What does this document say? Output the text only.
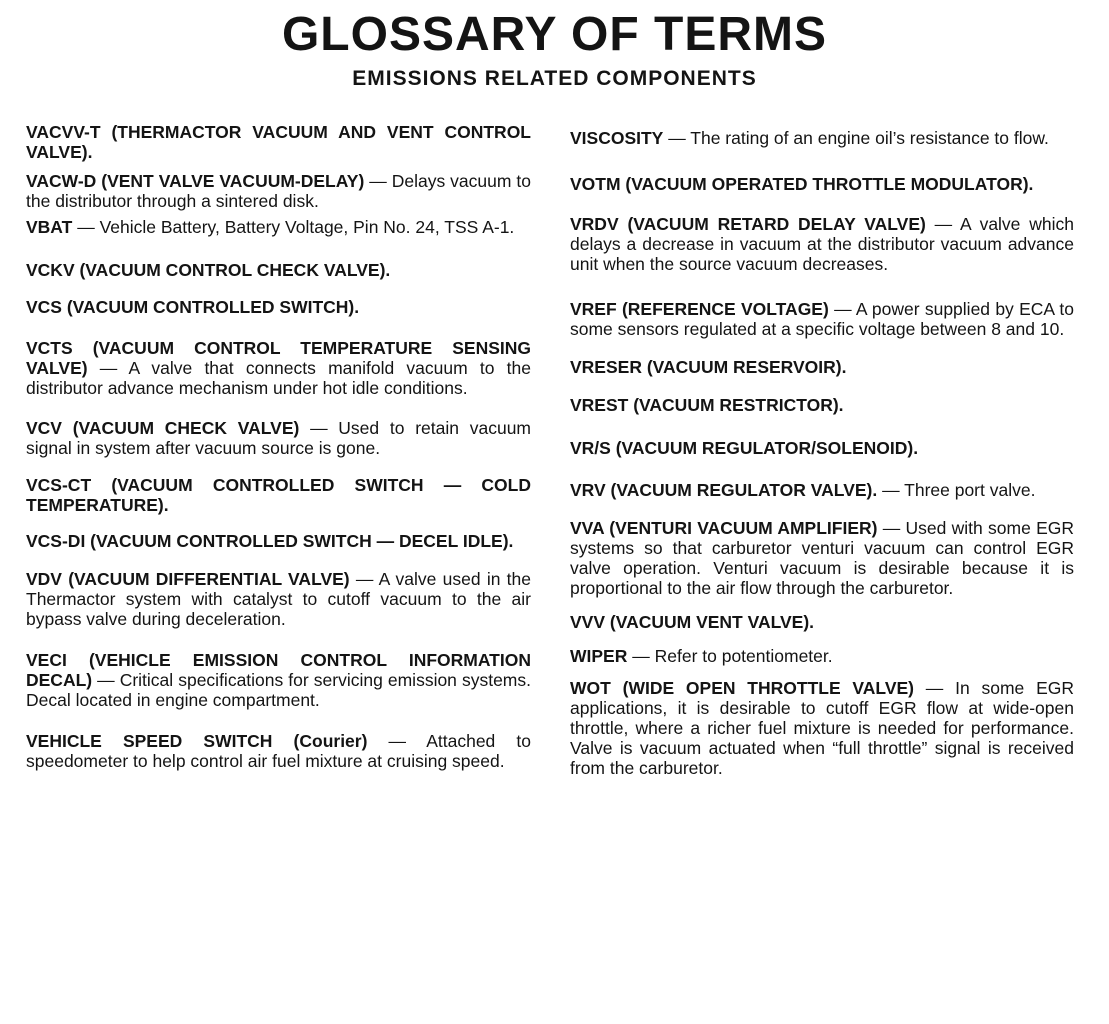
GLOSSARY OF TERMS
EMISSIONS RELATED COMPONENTS

VACVV-T (THERMACTOR VACUUM AND VENT CONTROL VALVE).

VACW-D (VENT VALVE VACUUM-DELAY) — Delays vacuum to the distributor through a sintered disk.

VBAT — Vehicle Battery, Battery Voltage, Pin No. 24, TSS A-1.

VCKV (VACUUM CONTROL CHECK VALVE).

VCS (VACUUM CONTROLLED SWITCH).

VCTS (VACUUM CONTROL TEMPERATURE SENSING VALVE) — A valve that connects manifold vacuum to the distributor advance mechanism under hot idle conditions.

VCV (VACUUM CHECK VALVE) — Used to retain vacuum signal in system after vacuum source is gone.

VCS-CT (VACUUM CONTROLLED SWITCH — COLD TEMPERATURE).

VCS-DI (VACUUM CONTROLLED SWITCH — DECEL IDLE).

VDV (VACUUM DIFFERENTIAL VALVE) — A valve used in the Thermactor system with catalyst to cutoff vacuum to the air bypass valve during deceleration.

VECI (VEHICLE EMISSION CONTROL INFORMATION DECAL) — Critical specifications for servicing emission systems. Decal located in engine compartment.

VEHICLE SPEED SWITCH (Courier) — Attached to speedometer to help control air fuel mixture at cruising speed.

VISCOSITY — The rating of an engine oil’s resistance to flow.

VOTM (VACUUM OPERATED THROTTLE MODULATOR).

VRDV (VACUUM RETARD DELAY VALVE) — A valve which delays a decrease in vacuum at the distributor vacuum advance unit when the source vacuum decreases.

VREF (REFERENCE VOLTAGE) — A power supplied by ECA to some sensors regulated at a specific voltage between 8 and 10.

VRESER (VACUUM RESERVOIR).

VREST (VACUUM RESTRICTOR).

VR/S (VACUUM REGULATOR/SOLENOID).

VRV (VACUUM REGULATOR VALVE). — Three port valve.

VVA (VENTURI VACUUM AMPLIFIER) — Used with some EGR systems so that carburetor venturi vacuum can control EGR valve operation. Venturi vacuum is desirable because it is proportional to the air flow through the carburetor.

VVV (VACUUM VENT VALVE).

WIPER — Refer to potentiometer.

WOT (WIDE OPEN THROTTLE VALVE) — In some EGR applications, it is desirable to cutoff EGR flow at wide-open throttle, where a richer fuel mixture is needed for performance. Valve is vacuum actuated when “full throttle” signal is received from the carburetor.
